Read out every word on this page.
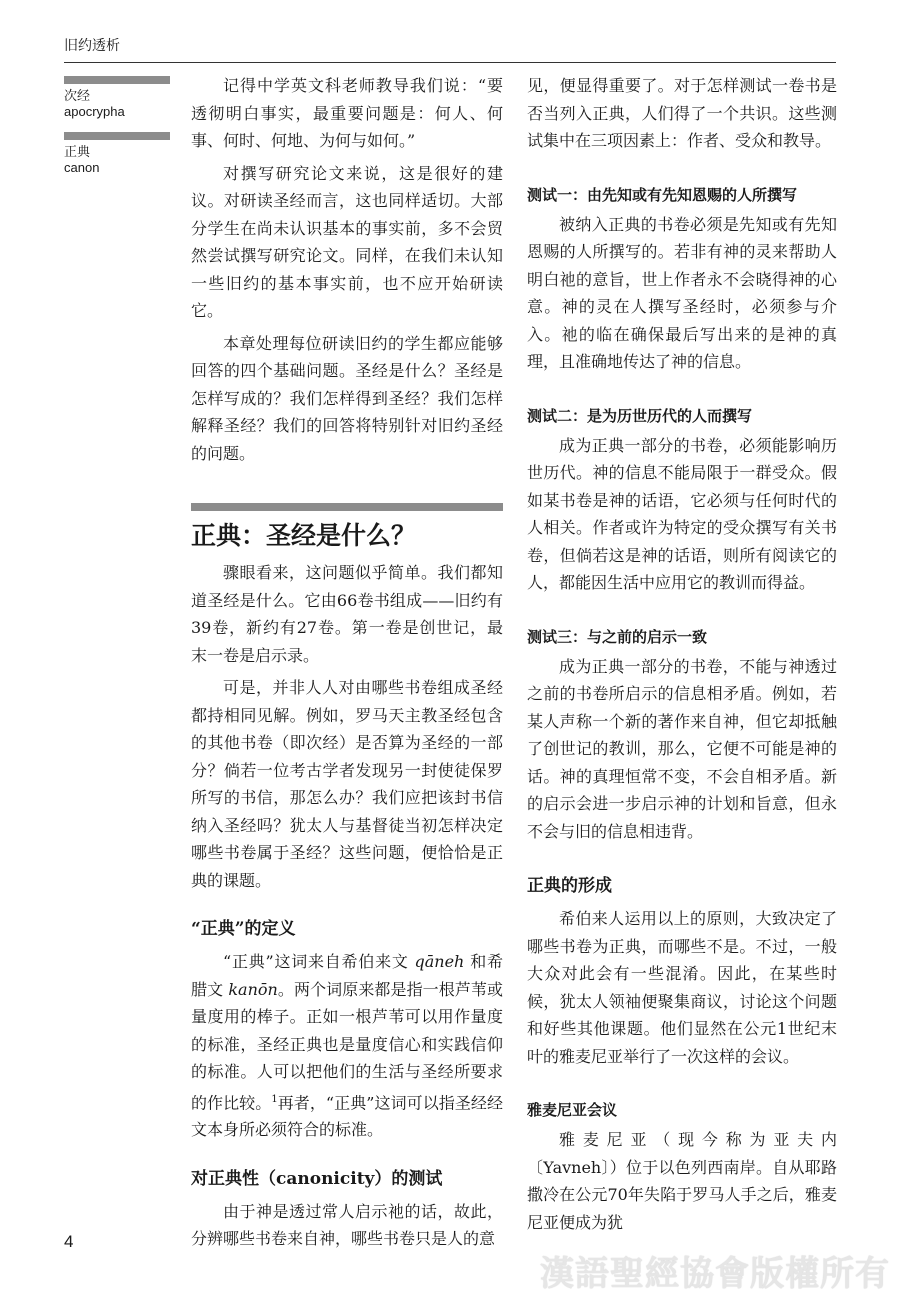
旧约透析
次经
apocrypha
正典
canon

记得中学英文科老师教导我们说：“要透彻明白事实，最重要问题是：何人、何事、何时、何地、为何与如何。”

对撰写研究论文来说，这是很好的建议。对研读圣经而言，这也同样适切。大部分学生在尚未认识基本的事实前，多不会贸然尝试撰写研究论文。同样，在我们未认知一些旧约的基本事实前，也不应开始研读它。

本章处理每位研读旧约的学生都应能够回答的四个基础问题。圣经是什么？圣经是怎样写成的？我们怎样得到圣经？我们怎样解释圣经？我们的回答将特别针对旧约圣经的问题。

正典：圣经是什么？

骤眼看来，这问题似乎简单。我们都知道圣经是什么。它由66卷书组成——旧约有39卷，新约有27卷。第一卷是创世记，最末一卷是启示录。

可是，并非人人对由哪些书卷组成圣经都持相同见解。例如，罗马天主教圣经包含的其他书卷（即次经）是否算为圣经的一部分？倘若一位考古学者发现另一封使徒保罗所写的书信，那怎么办？我们应把该封书信纳入圣经吗？犹太人与基督徒当初怎样决定哪些书卷属于圣经？这些问题，便恰恰是正典的课题。

“正典”的定义

“正典”这词来自希伯来文 qāneh 和希腊文 kanōn。两个词原来都是指一根芦苇或量度用的棒子。正如一根芦苇可以用作量度的标准，圣经正典也是量度信心和实践信仰的标准。人可以把他们的生活与圣经所要求的作比较。$^1$再者，“正典”这词可以指圣经经文本身所必须符合的标准。

对正典性（canonicity）的测试

由于神是透过常人启示祂的话，故此，分辨哪些书卷来自神，哪些书卷只是人的意

见，便显得重要了。对于怎样测试一卷书是否当列入正典，人们得了一个共识。这些测试集中在三项因素上：作者、受众和教导。

测试一：由先知或有先知恩赐的人所撰写

被纳入正典的书卷必须是先知或有先知恩赐的人所撰写的。若非有神的灵来帮助人明白祂的意旨，世上作者永不会晓得神的心意。神的灵在人撰写圣经时，必须参与介入。祂的临在确保最后写出来的是神的真理，且准确地传达了神的信息。

测试二：是为历世历代的人而撰写

成为正典一部分的书卷，必须能影响历世历代。神的信息不能局限于一群受众。假如某书卷是神的话语，它必须与任何时代的人相关。作者或许为特定的受众撰写有关书卷，但倘若这是神的话语，则所有阅读它的人，都能因生活中应用它的教训而得益。

测试三：与之前的启示一致

成为正典一部分的书卷，不能与神透过之前的书卷所启示的信息相矛盾。例如，若某人声称一个新的著作来自神，但它却抵触了创世记的教训，那么，它便不可能是神的话。神的真理恒常不变，不会自相矛盾。新的启示会进一步启示神的计划和旨意，但永不会与旧的信息相违背。

正典的形成

希伯来人运用以上的原则，大致决定了哪些书卷为正典，而哪些不是。不过，一般大众对此会有一些混淆。因此，在某些时候，犹太人领袖便聚集商议，讨论这个问题和好些其他课题。他们显然在公元1世纪末叶的雅麦尼亚举行了一次这样的会议。

雅麦尼亚会议

雅麦尼亚（现今称为亚夫内〔Yavneh〕）位于以色列西南岸。自从耶路撒冷在公元70年失陷于罗马人手之后，雅麦尼亚便成为犹

4
漢語聖經協會版權所有
